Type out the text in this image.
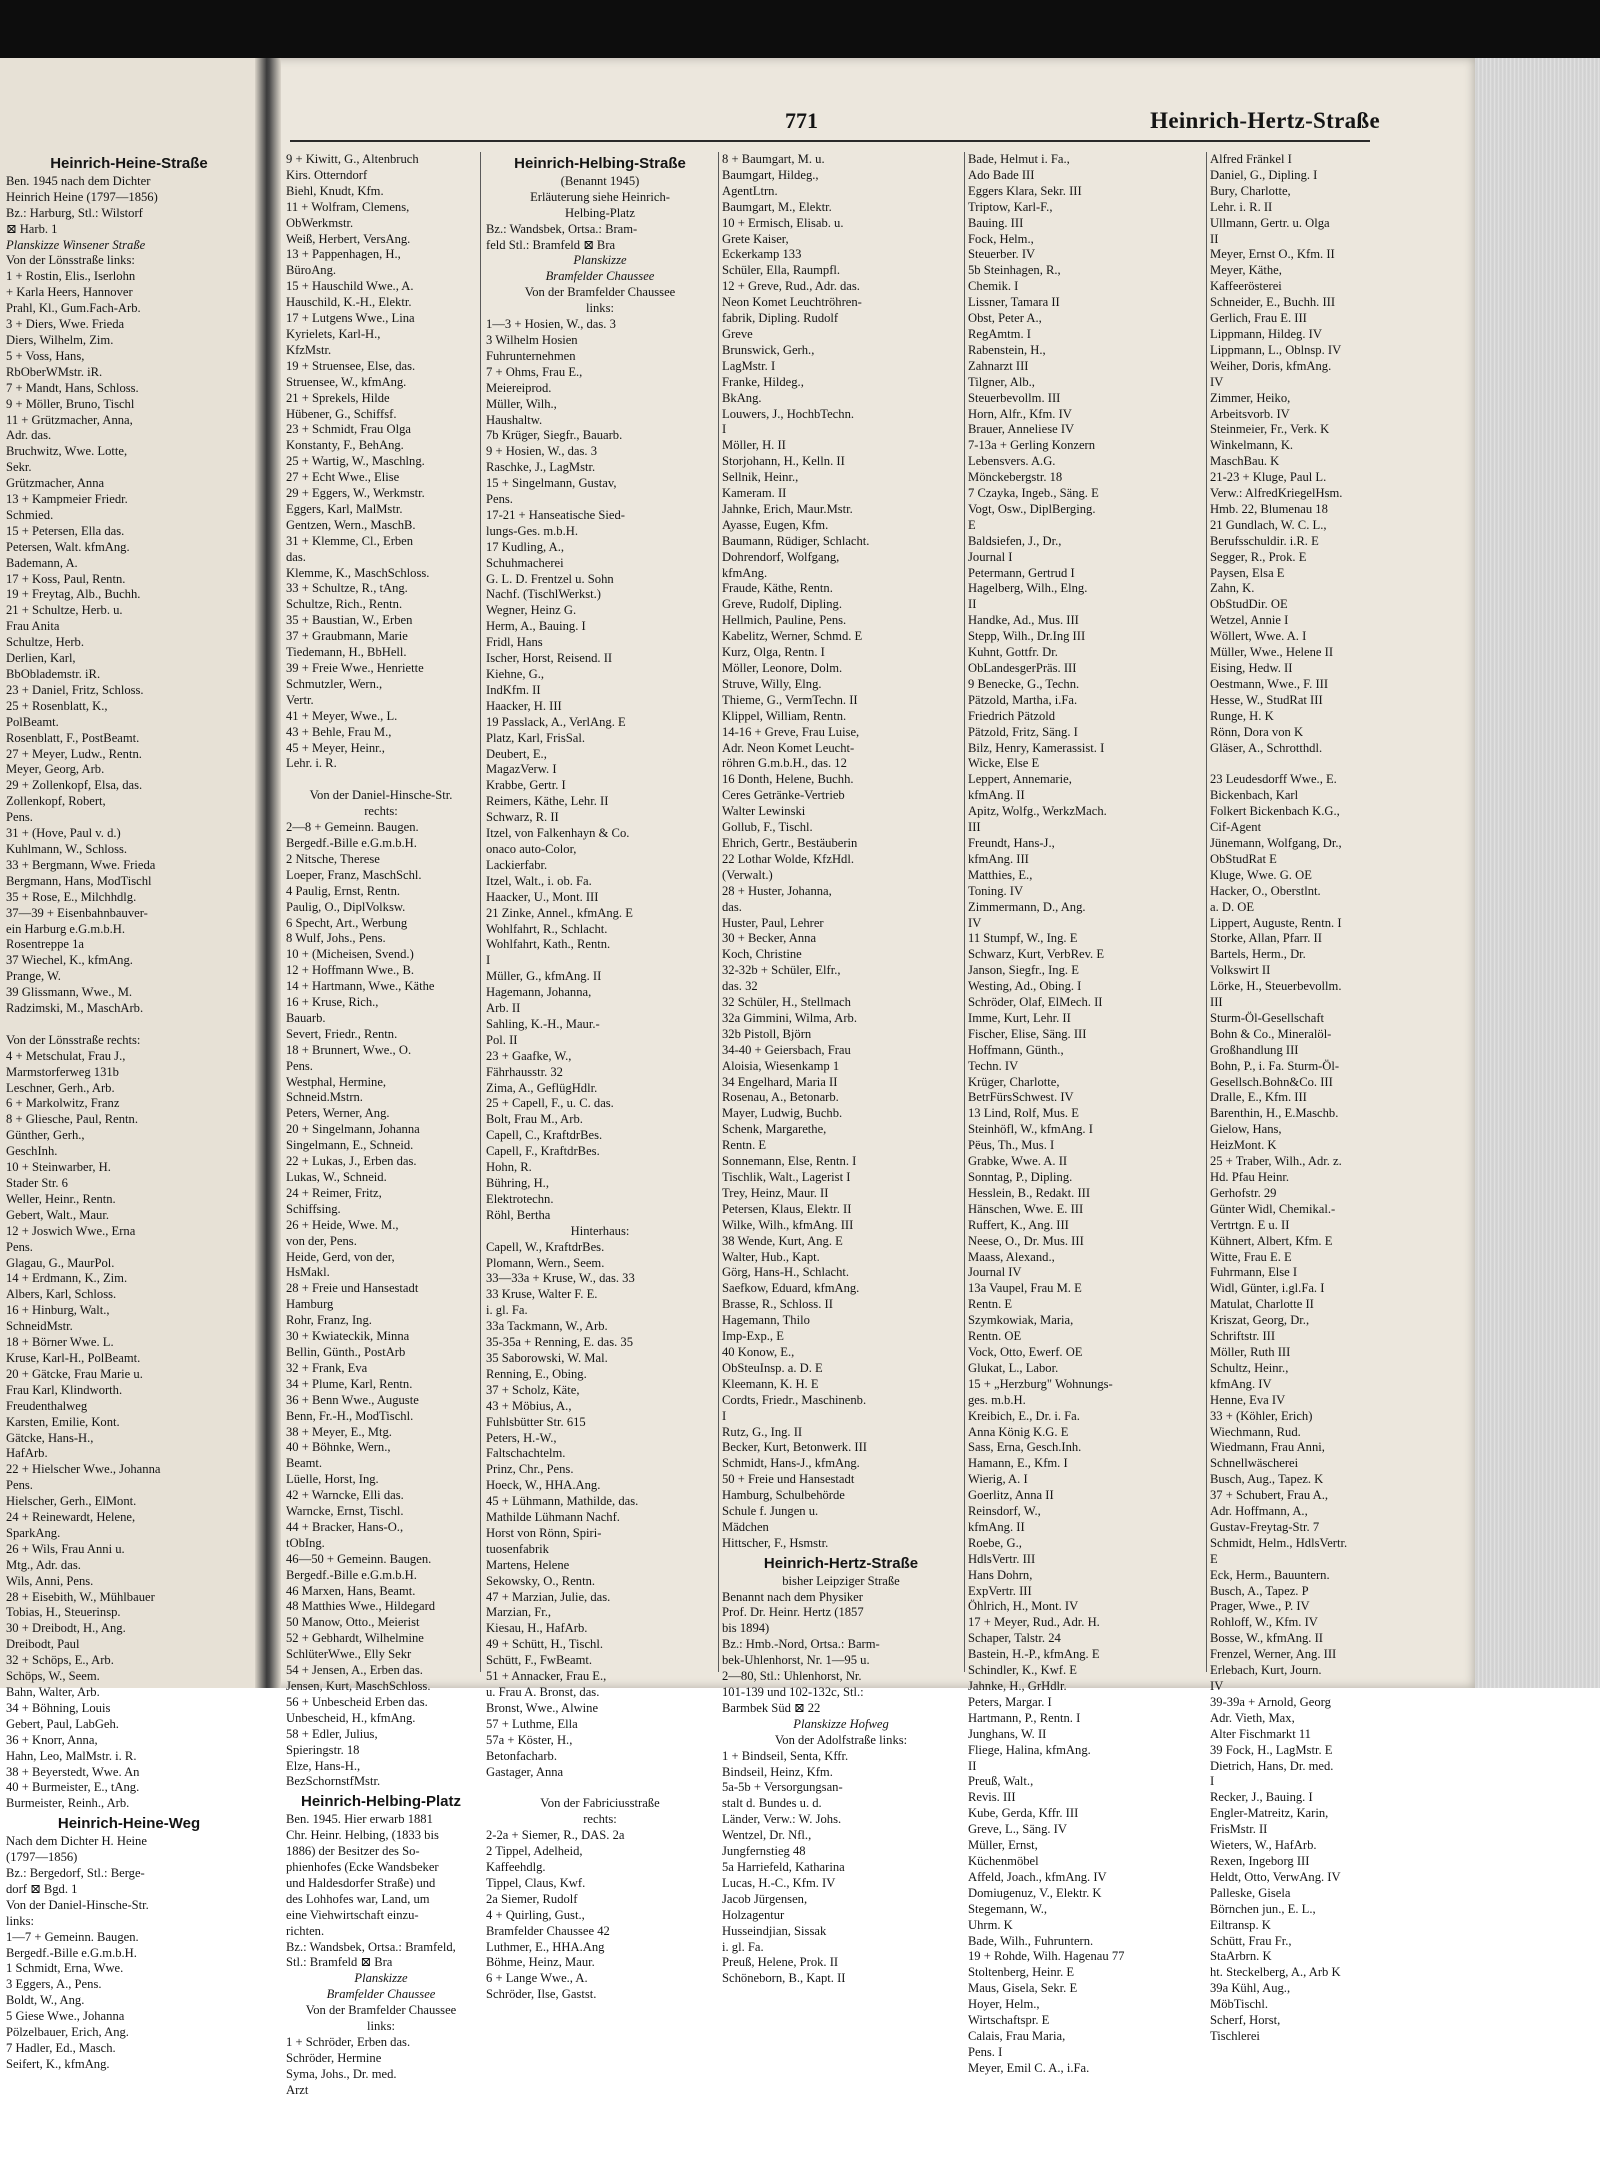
771	Heinrich-Hertz-Straße
Heinrich-Heine-Straße
Ben. 1945 nach dem Dichter
Heinrich Heine (1797—1856)
Bz.: Harburg, Stl.: Wilstorf
⊠ Harb. 1
Planskizze Winsener Straße
Von der Lönsstraße links:
1 + Rostin, Elis., Iserlohn
+ Karla Heers, Hannover
Prahl, Kl., Gum.Fach-Arb.
3 + Diers, Wwe. Frieda
Diers, Wilhelm, Zim.
5 + Voss, Hans,
RbOberWMstr. iR.
7 + Mandt, Hans, Schloss.
9 + Möller, Bruno, Tischl
11 + Grützmacher, Anna,
Adr. das.
Bruchwitz, Wwe. Lotte,
Sekr.
Grützmacher, Anna
13 + Kampmeier Friedr.
Schmied.
15 + Petersen, Ella das.
Petersen, Walt. kfmAng.
Bademann, A.
17 + Koss, Paul, Rentn.
19 + Freytag, Alb., Buchh.
21 + Schultze, Herb. u.
Frau Anita
Schultze, Herb.
Derlien, Karl,
BbOblademstr. iR.
23 + Daniel, Fritz, Schloss.
25 + Rosenblatt, K.,
PolBeamt.
Rosenblatt, F., PostBeamt.
27 + Meyer, Ludw., Rentn.
Meyer, Georg, Arb.
29 + Zollenkopf, Elsa, das.
Zollenkopf, Robert,
Pens.
31 + (Hove, Paul v. d.)
Kuhlmann, W., Schloss.
33 + Bergmann, Wwe. Frieda
Bergmann, Hans, ModTischl
35 + Rose, E., Milchhdlg.
37—39 + Eisenbahnbauver-
ein Harburg e.G.m.b.H.
Rosentreppe 1a
37 Wiechel, K., kfmAng.
Prange, W.
39 Glissmann, Wwe., M.
Radzimski, M., MaschArb.

Von der Lönsstraße rechts:
4 + Metschulat, Frau J.,
Marmstorferweg 131b
Leschner, Gerh., Arb.
6 + Markolwitz, Franz
8 + Gliesche, Paul, Rentn.
Günther, Gerh.,
GeschInh.
10 + Steinwarber, H.
Stader Str. 6
Weller, Heinr., Rentn.
Gebert, Walt., Maur.
12 + Joswich Wwe., Erna
Pens.
Glagau, G., MaurPol.
14 + Erdmann, K., Zim.
Albers, Karl, Schloss.
16 + Hinburg, Walt.,
SchneidMstr.
18 + Börner Wwe. L.
Kruse, Karl-H., PolBeamt.
20 + Gätcke, Frau Marie u.
Frau Karl, Klindworth.
Freudenthalweg
Karsten, Emilie, Kont.
Gätcke, Hans-H.,
HafArb.
22 + Hielscher Wwe., Johanna
Pens.
Hielscher, Gerh., ElMont.
24 + Reinewardt, Helene,
SparkAng.
26 + Wils, Frau Anni u.
Mtg., Adr. das.
Wils, Anni, Pens.
28 + Eisebith, W., Mühlbauer
Tobias, H., Steuerinsp.
30 + Dreibodt, H., Ang.
Dreibodt, Paul
32 + Schöps, E., Arb.
Schöps, W., Seem.
Bahn, Walter, Arb.
34 + Böhning, Louis
Gebert, Paul, LabGeh.
36 + Knorr, Anna,
Hahn, Leo, MalMstr. i. R.
38 + Beyerstedt, Wwe. An
40 + Burmeister, E., tAng.
Burmeister, Reinh., Arb.
Heinrich-Heine-Weg
Nach dem Dichter H. Heine
(1797—1856)
Bz.: Bergedorf, Stl.: Berge-
dorf ⊠ Bgd. 1
Von der Daniel-Hinsche-Str.
links:
1—7 + Gemeinn. Baugen.
Bergedf.-Bille e.G.m.b.H.
1 Schmidt, Erna, Wwe.
3 Eggers, A., Pens.
Boldt, W., Ang.
5 Giese Wwe., Johanna
Pölzelbauer, Erich, Ang.
7 Hadler, Ed., Masch.
Seifert, K., kfmAng.
9 + Kiwitt, G., Altenbruch
Kirs. Otterndorf
Biehl, Knudt, Kfm.
11 + Wolfram, Clemens,
ObWerkmstr.
Weiß, Herbert, VersAng.
13 + Pappenhagen, H.,
BüroAng.
15 + Hauschild Wwe., A.
Hauschild, K.-H., Elektr.
17 + Lutgens Wwe., Lina
Kyrielets, Karl-H.,
KfzMstr.
19 + Struensee, Else, das.
Struensee, W., kfmAng.
21 + Sprekels, Hilde
Hübener, G., Schiffsf.
23 + Schmidt, Frau Olga
Konstanty, F., BehAng.
25 + Wartig, W., Maschlng.
27 + Echt Wwe., Elise
29 + Eggers, W., Werkmstr.
Eggers, Karl, MalMstr.
Gentzen, Wern., MaschB.
31 + Klemme, Cl., Erben
das.
Klemme, K., MaschSchloss.
33 + Schultze, R., tAng.
Schultze, Rich., Rentn.
35 + Baustian, W., Erben
37 + Graubmann, Marie
Tiedemann, H., BbHell.
39 + Freie Wwe., Henriette
Schmutzler, Wern.,
Vertr.
41 + Meyer, Wwe., L.
43 + Behle, Frau M.,
45 + Meyer, Heinr.,
Lehr. i. R.

Von der Daniel-Hinsche-Str.
rechts:
2—8 + Gemeinn. Baugen.
Bergedf.-Bille e.G.m.b.H.
2 Nitsche, Therese
Loeper, Franz, MaschSchl.
4 Paulig, Ernst, Rentn.
Paulig, O., DiplVolksw.
6 Specht, Art., Werbung
8 Wulf, Johs., Pens.
10 + (Micheisen, Svend.)
12 + Hoffmann Wwe., B.
14 + Hartmann, Wwe., Käthe
16 + Kruse, Rich.,
Bauarb.
Severt, Friedr., Rentn.
18 + Brunnert, Wwe., O.
Pens.
Westphal, Hermine,
Schneid.Mstrn.
Peters, Werner, Ang.
20 + Singelmann, Johanna
Singelmann, E., Schneid.
22 + Lukas, J., Erben das.
Lukas, W., Schneid.
24 + Reimer, Fritz,
Schiffsing.
26 + Heide, Wwe. M.,
von der, Pens.
Heide, Gerd, von der,
HsMakl.
28 + Freie und Hansestadt
Hamburg
Rohr, Franz, Ing.
30 + Kwiateckik, Minna
Bellin, Günth., PostArb
32 + Frank, Eva
34 + Plume, Karl, Rentn.
36 + Benn Wwe., Auguste
Benn, Fr.-H., ModTischl.
38 + Meyer, E., Mtg.
40 + Böhnke, Wern.,
Beamt.
Lüelle, Horst, Ing.
42 + Warncke, Elli das.
Warncke, Ernst, Tischl.
44 + Bracker, Hans-O.,
tObIng.
46—50 + Gemeinn. Baugen.
Bergedf.-Bille e.G.m.b.H.
46 Marxen, Hans, Beamt.
48 Matthies Wwe., Hildegard
50 Manow, Otto., Meierist
52 + Gebhardt, Wilhelmine
SchlüterWwe., Elly Sekr
54 + Jensen, A., Erben das.
Jensen, Kurt, MaschSchloss.
56 + Unbescheid Erben das.
Unbescheid, H., kfmAng.
58 + Edler, Julius,
Spieringstr. 18
Elze, Hans-H.,
BezSchornstfMstr.
Heinrich-Helbing-Platz
Ben. 1945. Hier erwarb 1881
Chr. Heinr. Helbing, (1833 bis
1886) der Besitzer des So-
phienhofes (Ecke Wandsbeker
und Haldesdorfer Straße) und
des Lohhofes war, Land, um
eine Viehwirtschaft einzu-
richten.
Bz.: Wandsbek, Ortsa.: Bramfeld,
Stl.: Bramfeld ⊠ Bra
Planskizze
Bramfelder Chaussee
Von der Bramfelder Chaussee
links:
1 + Schröder, Erben das.
Schröder, Hermine
Syma, Johs., Dr. med.
Arzt
Heinrich-Helbing-Straße
(Benannt 1945)
Erläuterung siehe Heinrich-
Helbing-Platz
Bz.: Wandsbek, Ortsa.: Bram-
feld Stl.: Bramfeld ⊠ Bra
Planskizze
Bramfelder Chaussee
Von der Bramfelder Chaussee
links:
1—3 + Hosien, W., das. 3
3 Wilhelm Hosien
Fuhrunternehmen
7 + Ohms, Frau E.,
Meiereiprod.
Müller, Wilh.,
Haushaltw.
7b Krüger, Siegfr., Bauarb.
9 + Hosien, W., das. 3
Raschke, J., LagMstr.
15 + Singelmann, Gustav,
Pens.
17-21 + Hanseatische Sied-
lungs-Ges. m.b.H.
17 Kudling, A.,
Schuhmacherei
G. L. D. Frentzel u. Sohn
Nachf. (TischlWerkst.)
Wegner, Heinz G.
Herm, A., Bauing. I
Fridl, Hans
Ischer, Horst, Reisend. II
Kiehne, G.,
IndKfm. II
Haacker, H. III
19 Passlack, A., VerlAng. E
Platz, Karl, FrisSal.
Deubert, E.,
MagazVerw. I
Krabbe, Gertr. I
Reimers, Käthe, Lehr. II
Schwarz, R. II
Itzel, von Falkenhayn & Co.
onaco auto-Color,
Lackierfabr.
Itzel, Walt., i. ob. Fa.
Haacker, U., Mont. III
21 Zinke, Annel., kfmAng. E
Wohlfahrt, R., Schlacht.
Wohlfahrt, Kath., Rentn.
I
Müller, G., kfmAng. II
Hagemann, Johanna,
Arb. II
Sahling, K.-H., Maur.-
Pol. II
23 + Gaafke, W.,
Fährhausstr. 32
Zima, A., GeflügHdlr.
25 + Capell, F., u. C. das.
Bolt, Frau M., Arb.
Capell, C., KraftdrBes.
Capell, F., KraftdrBes.
Hohn, R.
Bühring, H.,
Elektrotechn.
Röhl, Bertha
Hinterhaus:
Capell, W., KraftdrBes.
Plomann, Wern., Seem.
33—33a + Kruse, W., das. 33
33 Kruse, Walter F. E.
i. gl. Fa.
33a Tackmann, W., Arb.
35-35a + Renning, E. das. 35
35 Saborowski, W. Mal.
Renning, E., Obing.
37 + Scholz, Käte,
43 + Möbius, A.,
Fuhlsbütter Str. 615
Peters, H.-W.,
Faltschachtelm.
Prinz, Chr., Pens.
Hoeck, W., HHA.Ang.
45 + Lühmann, Mathilde, das.
Mathilde Lühmann Nachf.
Horst von Rönn, Spiri-
tuosenfabrik
Martens, Helene
Sekowsky, O., Rentn.
47 + Marzian, Julie, das.
Marzian, Fr.,
Kiesau, H., HafArb.
49 + Schütt, H., Tischl.
Schütt, F., FwBeamt.
51 + Annacker, Frau E.,
u. Frau A. Bronst, das.
Bronst, Wwe., Alwine
57 + Luthme, Ella
57a + Köster, H.,
Betonfacharb.
Gastager, Anna

Von der Fabriciusstraße
rechts:
2-2a + Siemer, R., DAS. 2a
2 Tippel, Adelheid,
Kaffeehdlg.
Tippel, Claus, Kwf.
2a Siemer, Rudolf
4 + Quirling, Gust.,
Bramfelder Chaussee 42
Luthmer, E., HHA.Ang
Böhme, Heinz, Maur.
6 + Lange Wwe., A.
Schröder, Ilse, Gastst.
8 + Baumgart, M. u.
Baumgart, Hildeg.,
AgentLtrn.
Baumgart, M., Elektr.
10 + Ermisch, Elisab. u.
Grete Kaiser,
Eckerkamp 133
Schüler, Ella, Raumpfl.
12 + Greve, Rud., Adr. das.
Neon Komet Leuchtröhren-
fabrik, Dipling. Rudolf
Greve
Brunswick, Gerh.,
LagMstr. I
Franke, Hildeg.,
BkAng.
Louwers, J., HochbTechn.
I
Möller, H. II
Storjohann, H., Kelln. II
Sellnik, Heinr.,
Kameram. II
Jahnke, Erich, Maur.Mstr.
Ayasse, Eugen, Kfm.
Baumann, Rüdiger, Schlacht.
Dohrendorf, Wolfgang,
kfmAng.
Fraude, Käthe, Rentn.
Greve, Rudolf, Dipling.
Hellmich, Pauline, Pens.
Kabelitz, Werner, Schmd. E
Kurz, Olga, Rentn. I
Möller, Leonore, Dolm.
Struve, Willy, Elng.
Thieme, G., VermTechn. II
Klippel, William, Rentn.
14-16 + Greve, Frau Luise,
Adr. Neon Komet Leucht-
röhren G.m.b.H., das. 12
16 Donth, Helene, Buchh.
Ceres Getränke-Vertrieb
Walter Lewinski
Gollub, F., Tischl.
Ehrich, Gertr., Bestäuberin
22 Lothar Wolde, KfzHdl.
(Verwalt.)
28 + Huster, Johanna,
das.
Huster, Paul, Lehrer
30 + Becker, Anna
Koch, Christine
32-32b + Schüler, Elfr.,
das. 32
32 Schüler, H., Stellmach
32a Gimmini, Wilma, Arb.
32b Pistoll, Björn
34-40 + Geiersbach, Frau
Aloisia, Wiesenkamp 1
34 Engelhard, Maria II
Rosenau, A., Betonarb.
Mayer, Ludwig, Buchb.
Schenk, Margarethe,
Rentn. E
Sonnemann, Else, Rentn. I
Tischlik, Walt., Lagerist I
Trey, Heinz, Maur. II
Petersen, Klaus, Elektr. II
Wilke, Wilh., kfmAng. III
38 Wende, Kurt, Ang. E
Walter, Hub., Kapt.
Görg, Hans-H., Schlacht.
Saefkow, Eduard, kfmAng.
Brasse, R., Schloss. II
Hagemann, Thilo
Imp-Exp., E
40 Konow, E.,
ObSteuInsp. a. D. E
Kleemann, K. H. E
Cordts, Friedr., Maschinenb.
I
Rutz, G., Ing. II
Becker, Kurt, Betonwerk. III
Schmidt, Hans-J., kfmAng.
50 + Freie und Hansestadt
Hamburg, Schulbehörde
Schule f. Jungen u.
Mädchen
Hittscher, F., Hsmstr.
Heinrich-Hertz-Straße
bisher Leipziger Straße
Benannt nach dem Physiker
Prof. Dr. Heinr. Hertz (1857
bis 1894)
Bz.: Hmb.-Nord, Ortsa.: Barm-
bek-Uhlenhorst, Nr. 1—95 u.
2—80, Stl.: Uhlenhorst, Nr.
101-139 und 102-132c, Stl.:
Barmbek Süd ⊠ 22
Planskizze Hofweg
Von der Adolfstraße links:
1 + Bindseil, Senta, Kffr.
Bindseil, Heinz, Kfm.
5a-5b + Versorgungsan-
stalt d. Bundes u. d.
Länder, Verw.: W. Johs.
Wentzel, Dr. Nfl.,
Jungfernstieg 48
5a Harriefeld, Katharina
Lucas, H.-C., Kfm. IV
Jacob Jürgensen,
Holzagentur
Husseindjian, Sissak
i. gl. Fa.
Preuß, Helene, Prok. II
Schöneborn, B., Kapt. II
Bade, Helmut i. Fa.,
Ado Bade III
Eggers Klara, Sekr. III
Triptow, Karl-F.,
Bauing. III
Fock, Helm.,
Steuerber. IV
5b Steinhagen, R.,
Chemik. I
Lissner, Tamara II
Obst, Peter A.,
RegAmtm. I
Rabenstein, H.,
Zahnarzt III
Tilgner, Alb.,
Steuerbevollm. III
Horn, Alfr., Kfm. IV
Brauer, Anneliese IV
7-13a + Gerling Konzern
Lebensvers. A.G.
Mönckebergstr. 18
7 Czayka, Ingeb., Säng. E
Vogt, Osw., DiplBerging.
E
Baldsiefen, J., Dr.,
Journal I
Petermann, Gertrud I
Hagelberg, Wilh., Elng.
II
Handke, Ad., Mus. III
Stepp, Wilh., Dr.Ing III
Kuhnt, Gottfr. Dr.
ObLandesgerPräs. III
9 Benecke, G., Techn.
Pätzold, Martha, i.Fa.
Friedrich Pätzold
Pätzold, Fritz, Säng. I
Bilz, Henry, Kamerassist. I
Wicke, Else E
Leppert, Annemarie,
kfmAng. II
Apitz, Wolfg., WerkzMach.
III
Freundt, Hans-J.,
kfmAng. III
Matthies, E.,
Toning. IV
Zimmermann, D., Ang.
IV
11 Stumpf, W., Ing. E
Schwarz, Kurt, VerbRev. E
Janson, Siegfr., Ing. E
Westing, Ad., Obing. I
Schröder, Olaf, ElMech. II
Imme, Kurt, Lehr. II
Fischer, Elise, Säng. III
Hoffmann, Günth.,
Techn. IV
Krüger, Charlotte,
BetrFürsSchwest. IV
13 Lind, Rolf, Mus. E
Steinhöfl, W., kfmAng. I
Pëus, Th., Mus. I
Grabke, Wwe. A. II
Sonntag, P., Dipling.
Hesslein, B., Redakt. III
Hänschen, Wwe. E. III
Ruffert, K., Ang. III
Neese, O., Dr. Mus. III
Maass, Alexand.,
Journal IV
13a Vaupel, Frau M. E
Rentn. E
Szymkowiak, Maria,
Rentn. OE
Vock, Otto, Ewerf. OE
Glukat, L., Labor.
15 + „Herzburg" Wohnungs-
ges. m.b.H.
Kreibich, E., Dr. i. Fa.
Anna König K.G. E
Sass, Erna, Gesch.Inh.
Hamann, E., Kfm. I
Wierig, A. I
Goerlitz, Anna II
Reinsdorf, W.,
kfmAng. II
Roebe, G.,
HdlsVertr. III
Hans Dohrn,
ExpVertr. III
Öhlrich, H., Mont. IV
17 + Meyer, Rud., Adr. H.
Schaper, Talstr. 24
Bastein, H.-P., kfmAng. E
Schindler, K., Kwf. E
Jahnke, H., GrHdlr.
Peters, Margar. I
Hartmann, P., Rentn. I
Junghans, W. II
Fliege, Halina, kfmAng.
II
Preuß, Walt.,
Revis. III
Kube, Gerda, Kffr. III
Greve, L., Säng. IV
Müller, Ernst,
Küchenmöbel
Affeld, Joach., kfmAng. IV
Domiugenuz, V., Elektr. K
Stegemann, W.,
Uhrm. K
Bade, Wilh., Fuhruntern.
19 + Rohde, Wilh. Hagenau 77
Stoltenberg, Heinr. E
Maus, Gisela, Sekr. E
Hoyer, Helm.,
Wirtschaftspr. E
Calais, Frau Maria,
Pens. I
Meyer, Emil C. A., i.Fa.
Alfred Fränkel I
Daniel, G., Dipling. I
Bury, Charlotte,
Lehr. i. R. II
Ullmann, Gertr. u. Olga
II
Meyer, Ernst O., Kfm. II
Meyer, Käthe,
Kaffeerösterei
Schneider, E., Buchh. III
Gerlich, Frau E. III
Lippmann, Hildeg. IV
Lippmann, L., Oblnsp. IV
Weiher, Doris, kfmAng.
IV
Zimmer, Heiko,
Arbeitsvorb. IV
Steinmeier, Fr., Verk. K
Winkelmann, K.
MaschBau. K
21-23 + Kluge, Paul L.
Verw.: AlfredKriegelHsm.
Hmb. 22, Blumenau 18
21 Gundlach, W. C. L.,
Berufsschuldir. i.R. E
Segger, R., Prok. E
Paysen, Elsa E
Zahn, K.
ObStudDir. OE
Wetzel, Annie I
Wöllert, Wwe. A. I
Müller, Wwe., Helene II
Eising, Hedw. II
Oestmann, Wwe., F. III
Hesse, W., StudRat III
Runge, H. K
Rönn, Dora von K
Gläser, A., Schrotthdl.

23 Leudesdorff Wwe., E.
Bickenbach, Karl
Folkert Bickenbach K.G.,
Cif-Agent
Jünemann, Wolfgang, Dr.,
ObStudRat E
Kluge, Wwe. G. OE
Hacker, O., Oberstlnt.
a. D. OE
Lippert, Auguste, Rentn. I
Storke, Allan, Pfarr. II
Bartels, Herm., Dr.
Volkswirt II
Lörke, H., Steuerbevollm.
III
Sturm-Öl-Gesellschaft
Bohn & Co., Mineralöl-
Großhandlung III
Bohn, P., i. Fa. Sturm-Öl-
Gesellsch.Bohn&Co. III
Dralle, E., Kfm. III
Barenthin, H., E.Maschb.
Gielow, Hans,
HeizMont. K
25 + Traber, Wilh., Adr. z.
Hd. Pfau Heinr.
Gerhofstr. 29
Günter Widl, Chemikal.-
Vertrtgn. E u. II
Kühnert, Albert, Kfm. E
Witte, Frau E. E
Fuhrmann, Else I
Widl, Günter, i.gl.Fa. I
Matulat, Charlotte II
Kriszat, Georg, Dr.,
Schriftstr. III
Möller, Ruth III
Schultz, Heinr.,
kfmAng. IV
Henne, Eva IV
33 + (Köhler, Erich)
Wiechmann, Rud.
Wiedmann, Frau Anni,
Schnellwäscherei
Busch, Aug., Tapez. K
37 + Schubert, Frau A.,
Adr. Hoffmann, A.,
Gustav-Freytag-Str. 7
Schmidt, Helm., HdlsVertr.
E
Eck, Herm., Bauuntern.
Busch, A., Tapez. P
Prager, Wwe., P. IV
Rohloff, W., Kfm. IV
Bosse, W., kfmAng. II
Frenzel, Werner, Ang. III
Erlebach, Kurt, Journ.
IV
39-39a + Arnold, Georg
Adr. Vieth, Max,
Alter Fischmarkt 11
39 Fock, H., LagMstr. E
Dietrich, Hans, Dr. med.
I
Recker, J., Bauing. I
Engler-Matreitz, Karin,
FrisMstr. II
Wieters, W., HafArb.
Rexen, Ingeborg III
Heldt, Otto, VerwAng. IV
Palleske, Gisela
Börnchen jun., E. L.,
Eiltransp. K
Schütt, Frau Fr.,
StaArbrn. K
ht. Steckelberg, A., Arb K
39a Kühl, Aug.,
MöbTischl.
Scherf, Horst,
Tischlerei
